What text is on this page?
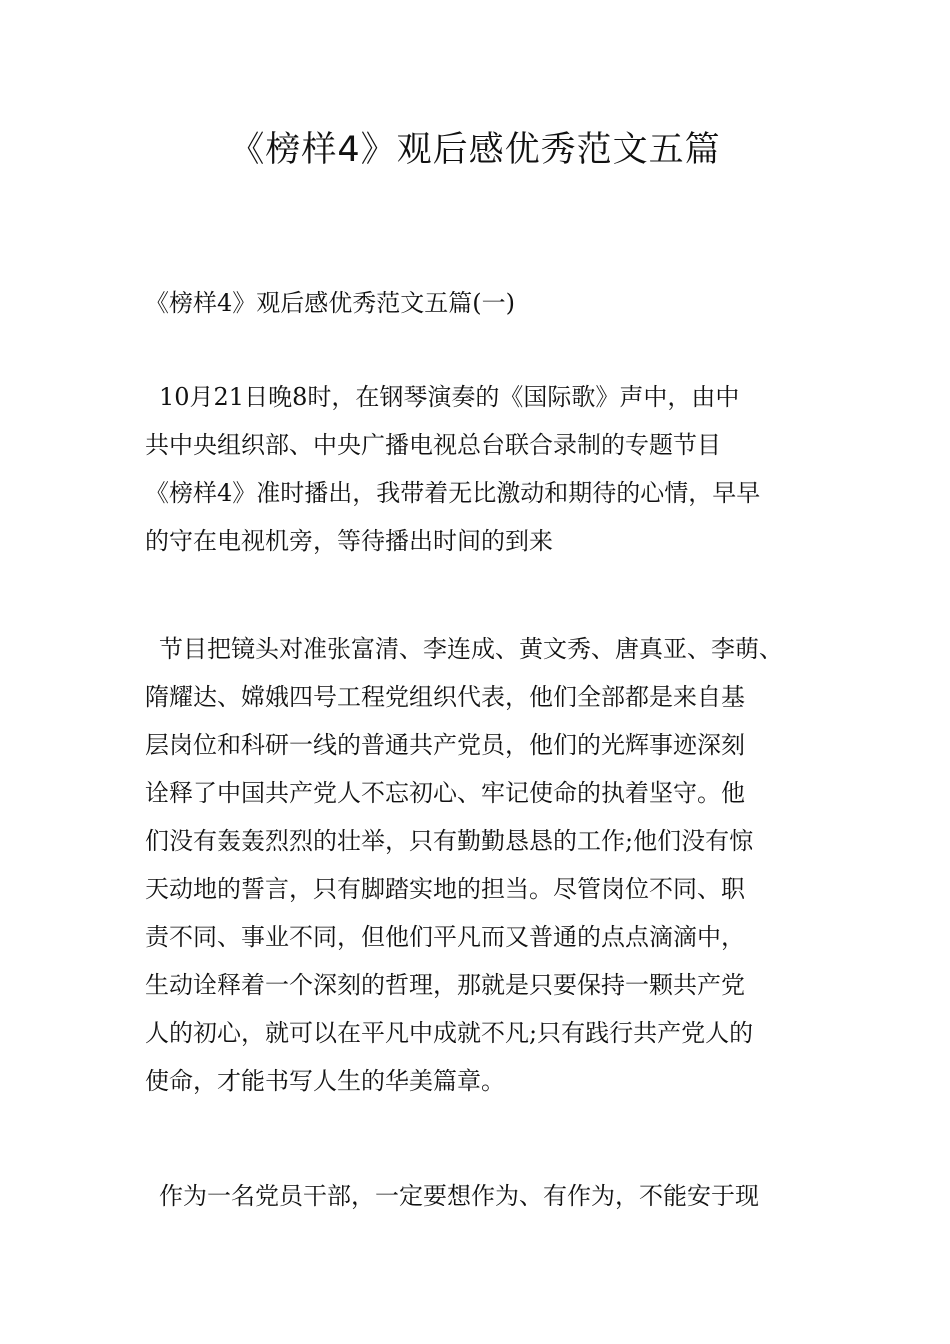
《榜样4》观后感优秀范文五篇
《榜样4》观后感优秀范文五篇(一)
10月21日晚8时，在钢琴演奏的《国际歌》声中，由中
共中央组织部、中央广播电视总台联合录制的专题节目
《榜样4》准时播出，我带着无比激动和期待的心情，早早
的守在电视机旁，等待播出时间的到来
节目把镜头对准张富清、李连成、黄文秀、唐真亚、李萌、
隋耀达、嫦娥四号工程党组织代表，他们全部都是来自基
层岗位和科研一线的普通共产党员，他们的光辉事迹深刻
诠释了中国共产党人不忘初心、牢记使命的执着坚守。他
们没有轰轰烈烈的壮举，只有勤勤恳恳的工作;他们没有惊
天动地的誓言，只有脚踏实地的担当。尽管岗位不同、职
责不同、事业不同，但他们平凡而又普通的点点滴滴中，
生动诠释着一个深刻的哲理，那就是只要保持一颗共产党
人的初心，就可以在平凡中成就不凡;只有践行共产党人的
使命，才能书写人生的华美篇章。
作为一名党员干部，一定要想作为、有作为，不能安于现
